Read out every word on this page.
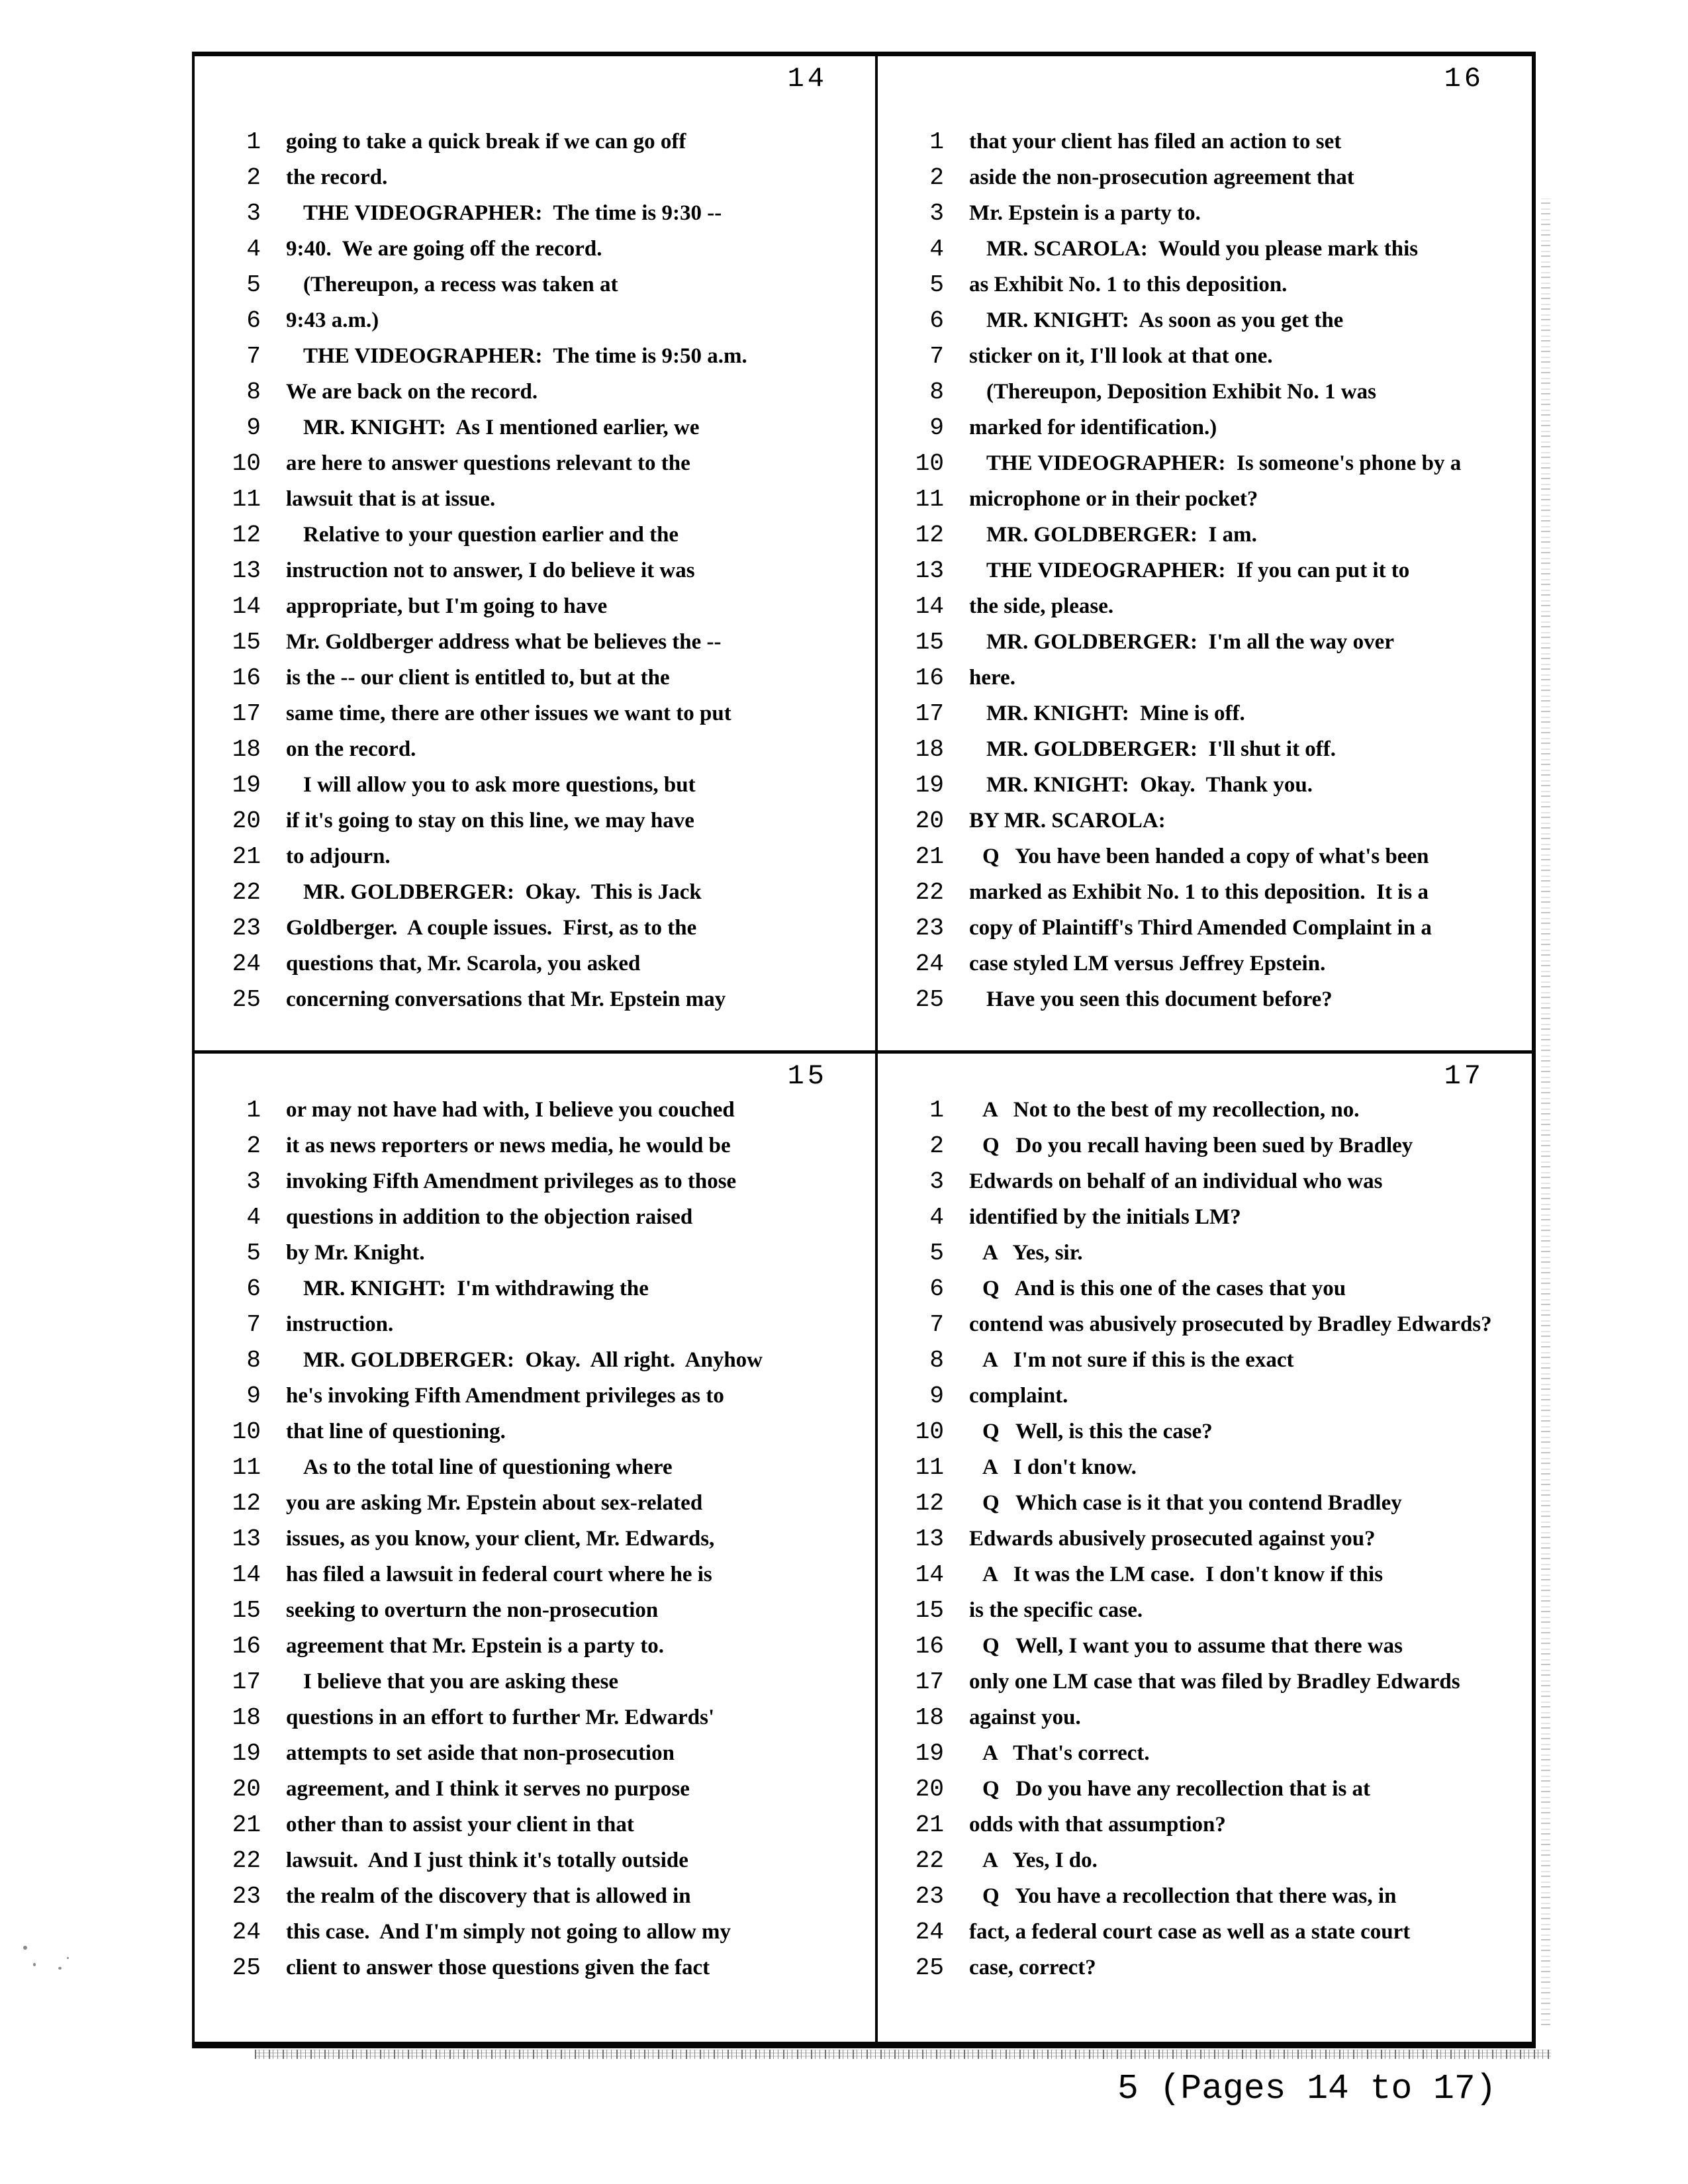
14
1 going to take a quick break if we can go off
2 the record.
3 THE VIDEOGRAPHER:  The time is 9:30 --
4 9:40.  We are going off the record.
5 (Thereupon, a recess was taken at
6 9:43 a.m.)
7 THE VIDEOGRAPHER:  The time is 9:50 a.m.
8 We are back on the record.
9 MR. KNIGHT:  As I mentioned earlier, we
10 are here to answer questions relevant to the
11 lawsuit that is at issue.
12 Relative to your question earlier and the
13 instruction not to answer, I do believe it was
14 appropriate, but I'm going to have
15 Mr. Goldberger address what be believes the --
16 is the -- our client is entitled to, but at the
17 same time, there are other issues we want to put
18 on the record.
19 I will allow you to ask more questions, but
20 if it's going to stay on this line, we may have
21 to adjourn.
22 MR. GOLDBERGER:  Okay.  This is Jack
23 Goldberger.  A couple issues.  First, as to the
24 questions that, Mr. Scarola, you asked
25 concerning conversations that Mr. Epstein may
16
1 that your client has filed an action to set
2 aside the non-prosecution agreement that
3 Mr. Epstein is a party to.
4 MR. SCAROLA:  Would you please mark this
5 as Exhibit No. 1 to this deposition.
6 MR. KNIGHT:  As soon as you get the
7 sticker on it, I'll look at that one.
8 (Thereupon, Deposition Exhibit No. 1 was
9 marked for identification.)
10 THE VIDEOGRAPHER:  Is someone's phone by a
11 microphone or in their pocket?
12 MR. GOLDBERGER:  I am.
13 THE VIDEOGRAPHER:  If you can put it to
14 the side, please.
15 MR. GOLDBERGER:  I'm all the way over
16 here.
17 MR. KNIGHT:  Mine is off.
18 MR. GOLDBERGER:  I'll shut it off.
19 MR. KNIGHT:  Okay.  Thank you.
20 BY MR. SCAROLA:
21 Q   You have been handed a copy of what's been
22 marked as Exhibit No. 1 to this deposition.  It is a
23 copy of Plaintiff's Third Amended Complaint in a
24 case styled LM versus Jeffrey Epstein.
25 Have you seen this document before?
15
1 or may not have had with, I believe you couched
2 it as news reporters or news media, he would be
3 invoking Fifth Amendment privileges as to those
4 questions in addition to the objection raised
5 by Mr. Knight.
6 MR. KNIGHT:  I'm withdrawing the
7 instruction.
8 MR. GOLDBERGER:  Okay.  All right.  Anyhow
9 he's invoking Fifth Amendment privileges as to
10 that line of questioning.
11 As to the total line of questioning where
12 you are asking Mr. Epstein about sex-related
13 issues, as you know, your client, Mr. Edwards,
14 has filed a lawsuit in federal court where he is
15 seeking to overturn the non-prosecution
16 agreement that Mr. Epstein is a party to.
17 I believe that you are asking these
18 questions in an effort to further Mr. Edwards'
19 attempts to set aside that non-prosecution
20 agreement, and I think it serves no purpose
21 other than to assist your client in that
22 lawsuit.  And I just think it's totally outside
23 the realm of the discovery that is allowed in
24 this case.  And I'm simply not going to allow my
25 client to answer those questions given the fact
17
1 A   Not to the best of my recollection, no.
2 Q   Do you recall having been sued by Bradley
3 Edwards on behalf of an individual who was
4 identified by the initials LM?
5 A   Yes, sir.
6 Q   And is this one of the cases that you
7 contend was abusively prosecuted by Bradley Edwards?
8 A   I'm not sure if this is the exact
9 complaint.
10 Q   Well, is this the case?
11 A   I don't know.
12 Q   Which case is it that you contend Bradley
13 Edwards abusively prosecuted against you?
14 A   It was the LM case.  I don't know if this
15 is the specific case.
16 Q   Well, I want you to assume that there was
17 only one LM case that was filed by Bradley Edwards
18 against you.
19 A   That's correct.
20 Q   Do you have any recollection that is at
21 odds with that assumption?
22 A   Yes, I do.
23 Q   You have a recollection that there was, in
24 fact, a federal court case as well as a state court
25 case, correct?
5 (Pages 14 to 17)
